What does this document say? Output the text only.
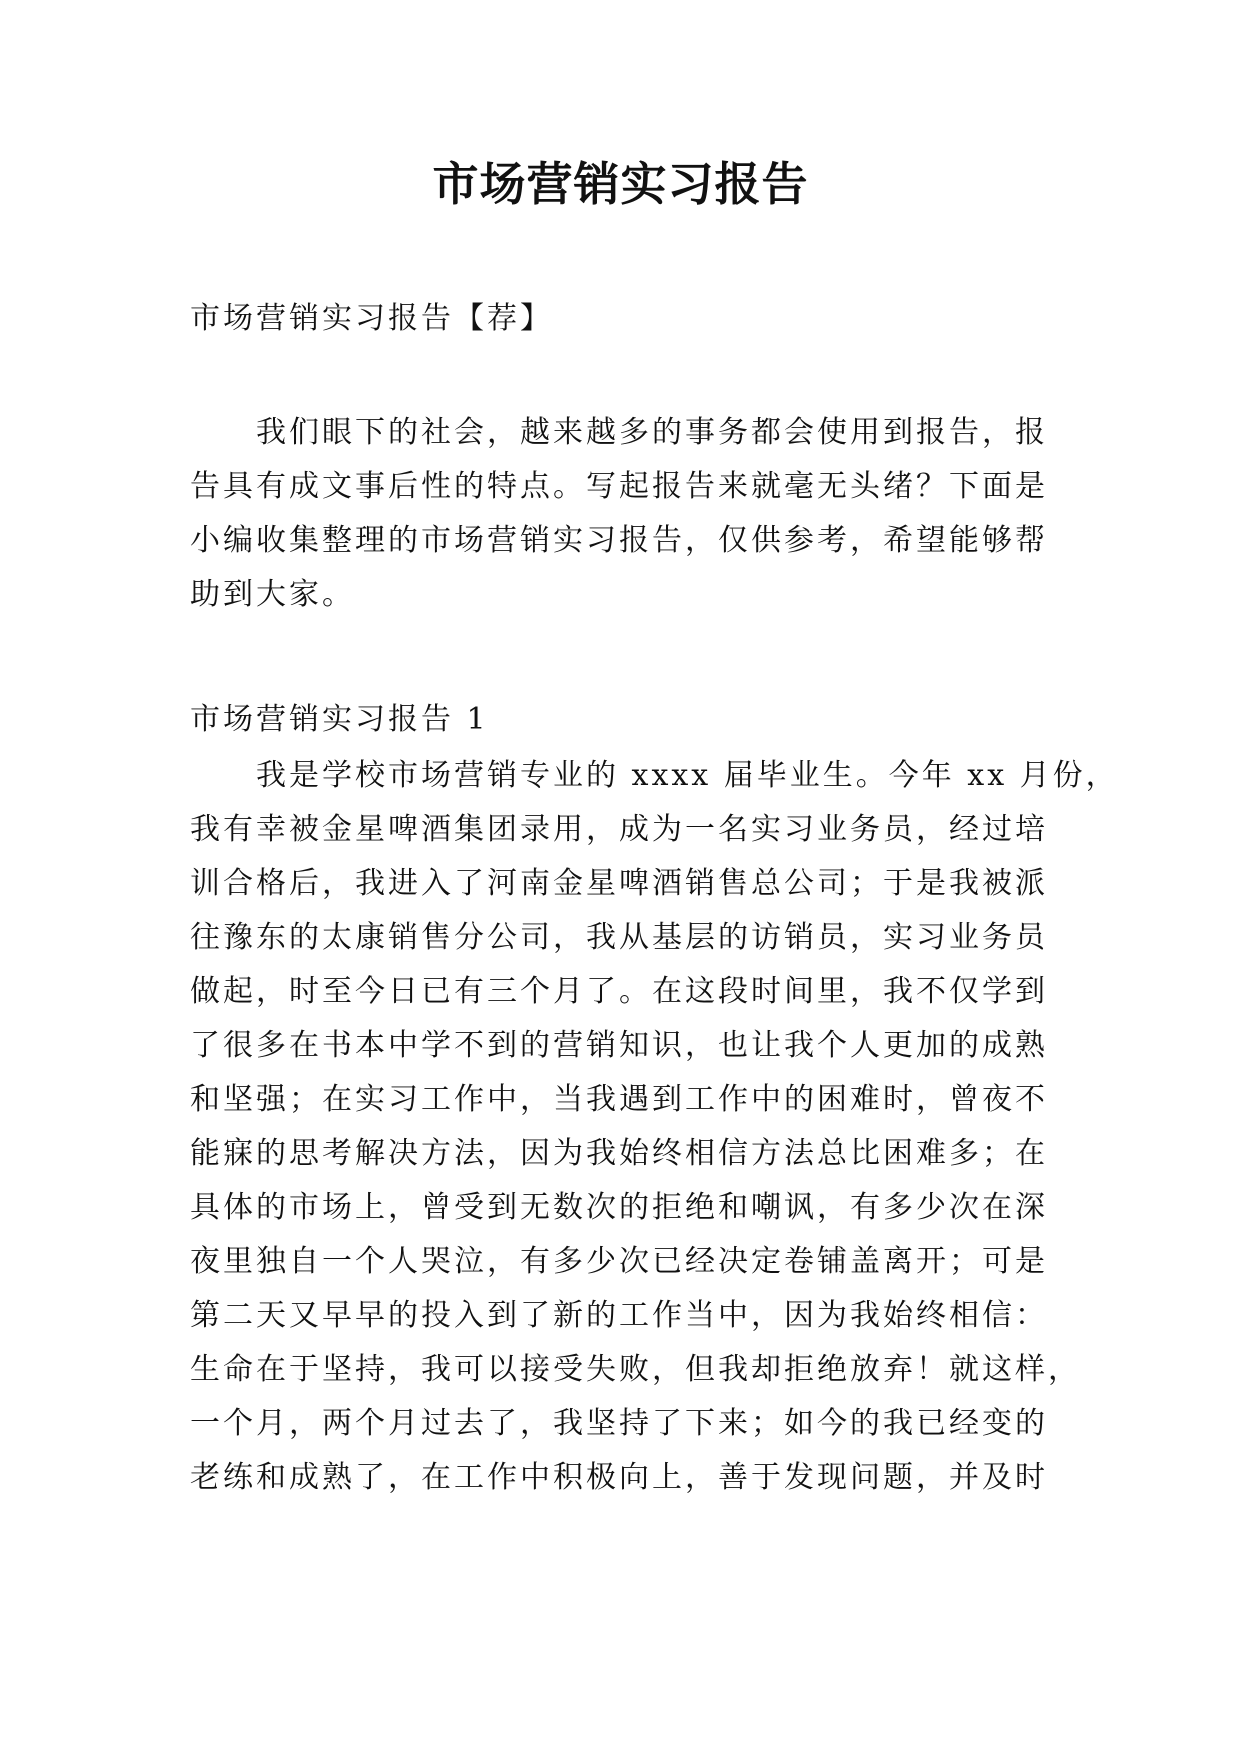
市场营销实习报告

市场营销实习报告【荐】

　　我们眼下的社会，越来越多的事务都会使用到报告，报
告具有成文事后性的特点。写起报告来就毫无头绪？下面是
小编收集整理的市场营销实习报告，仅供参考，希望能够帮
助到大家。

市场营销实习报告 1

　　我是学校市场营销专业的 xxxx 届毕业生。今年 xx 月份，
我有幸被金星啤酒集团录用，成为一名实习业务员，经过培
训合格后，我进入了河南金星啤酒销售总公司；于是我被派
往豫东的太康销售分公司，我从基层的访销员，实习业务员
做起，时至今日已有三个月了。在这段时间里，我不仅学到
了很多在书本中学不到的营销知识，也让我个人更加的成熟
和坚强；在实习工作中，当我遇到工作中的困难时，曾夜不
能寐的思考解决方法，因为我始终相信方法总比困难多；在
具体的市场上，曾受到无数次的拒绝和嘲讽，有多少次在深
夜里独自一个人哭泣，有多少次已经决定卷铺盖离开；可是
第二天又早早的投入到了新的工作当中，因为我始终相信：
生命在于坚持，我可以接受失败，但我却拒绝放弃！就这样，
一个月，两个月过去了，我坚持了下来；如今的我已经变的
老练和成熟了，在工作中积极向上，善于发现问题，并及时
